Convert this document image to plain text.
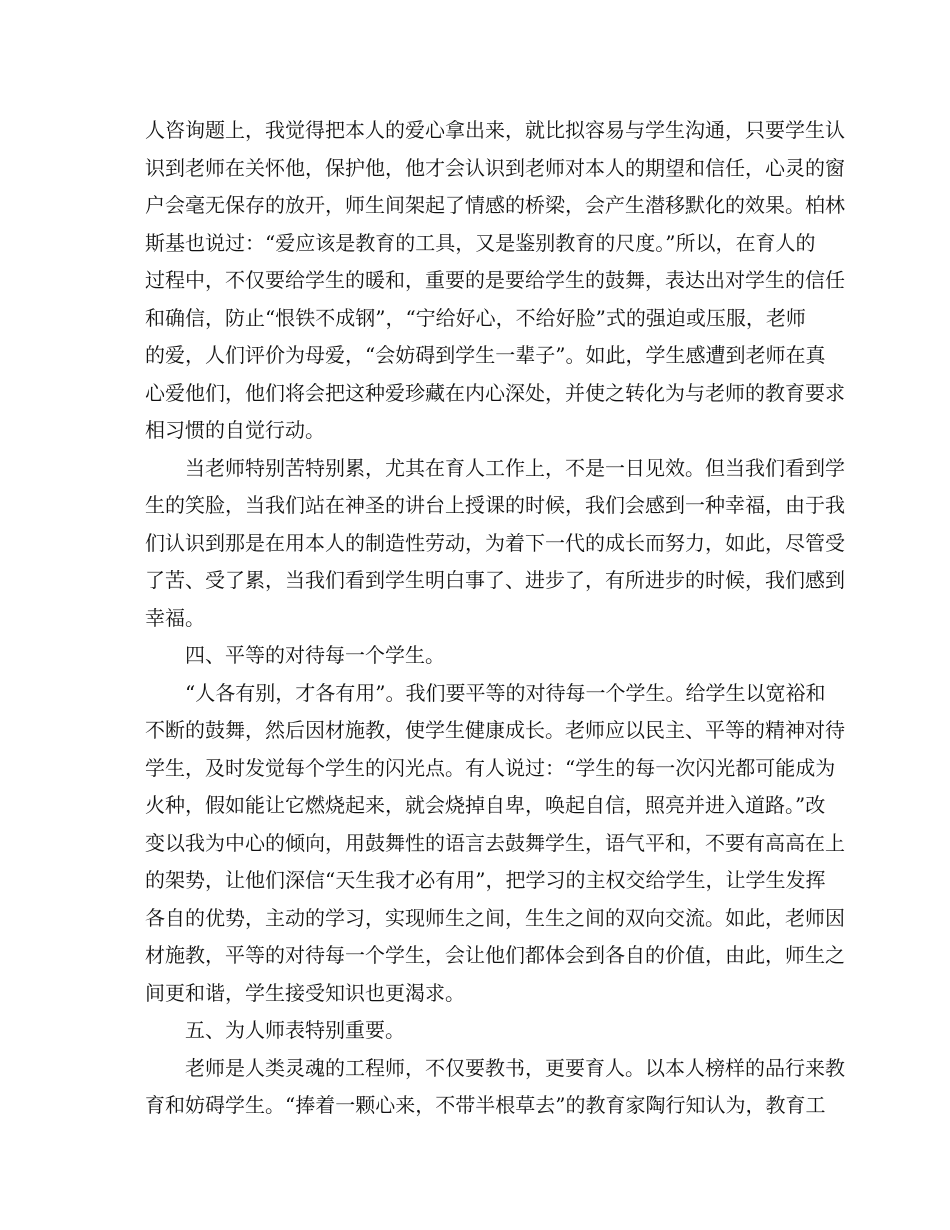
人咨询题上，我觉得把本人的爱心拿出来，就比拟容易与学生沟通，只要学生认
识到老师在关怀他，保护他，他才会认识到老师对本人的期望和信任，心灵的窗
户会毫无保存的放开，师生间架起了情感的桥梁，会产生潜移默化的效果。柏林
斯基也说过：“爱应该是教育的工具，又是鉴别教育的尺度。”所以，在育人的
过程中，不仅要给学生的暖和，重要的是要给学生的鼓舞，表达出对学生的信任
和确信，防止“恨铁不成钢”，“宁给好心，不给好脸”式的强迫或压服，老师
的爱，人们评价为母爱，“会妨碍到学生一辈子”。如此，学生感遭到老师在真
心爱他们，他们将会把这种爱珍藏在内心深处，并使之转化为与老师的教育要求
相习惯的自觉行动。
当老师特别苦特别累，尤其在育人工作上，不是一日见效。但当我们看到学
生的笑脸，当我们站在神圣的讲台上授课的时候，我们会感到一种幸福，由于我
们认识到那是在用本人的制造性劳动，为着下一代的成长而努力，如此，尽管受
了苦、受了累，当我们看到学生明白事了、进步了，有所进步的时候，我们感到
幸福。
四、平等的对待每一个学生。
“人各有别，才各有用”。我们要平等的对待每一个学生。给学生以宽裕和
不断的鼓舞，然后因材施教，使学生健康成长。老师应以民主、平等的精神对待
学生，及时发觉每个学生的闪光点。有人说过：“学生的每一次闪光都可能成为
火种，假如能让它燃烧起来，就会烧掉自卑，唤起自信，照亮并进入道路。”改
变以我为中心的倾向，用鼓舞性的语言去鼓舞学生，语气平和，不要有高高在上
的架势，让他们深信“天生我才必有用”，把学习的主权交给学生，让学生发挥
各自的优势，主动的学习，实现师生之间，生生之间的双向交流。如此，老师因
材施教，平等的对待每一个学生，会让他们都体会到各自的价值，由此，师生之
间更和谐，学生接受知识也更渴求。
五、为人师表特别重要。
老师是人类灵魂的工程师，不仅要教书，更要育人。以本人榜样的品行来教
育和妨碍学生。“捧着一颗心来，不带半根草去”的教育家陶行知认为，教育工
